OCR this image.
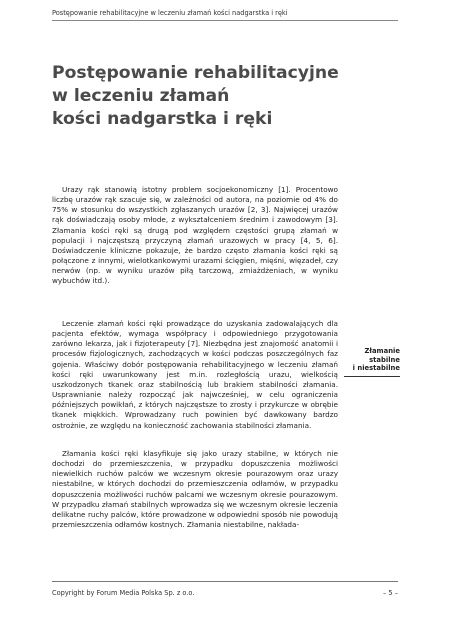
Postępowanie rehabilitacyjne w leczeniu złamań kości nadgarstka i ręki
Postępowanie rehabilitacyjne
w leczeniu złamań
kości nadgarstka i ręki

Urazy rąk stanowią istotny problem socjoekonomiczny [1]. Procentowo liczbę urazów rąk szacuje się, w zależności od autora, na poziomie od 4% do 75% w stosunku do wszystkich zgłaszanych urazów [2, 3]. Najwięcej urazów rąk doświadczają osoby młode, z wykształceniem średnim i zawodowym [3]. Złamania kości ręki są drugą pod względem częstości grupą złamań w populacji i najczęstszą przyczyną złamań urazowych w pracy [4, 5, 6]. Doświadczenie kliniczne pokazuje, że bardzo często złamania kości ręki są połączone z innymi, wielotkankowymi urazami ścięgien, mięśni, więzadeł, czy nerwów (np. w wyniku urazów piłą tarczową, zmiażdżeniach, w wyniku wybuchów itd.).

Leczenie złamań kości ręki prowadzące do uzyskania zadowalających dla pacjenta efektów, wymaga współpracy i odpowiedniego przygotowania zarówno lekarza, jak i fizjoterapeuty [7]. Niezbędna jest znajomość anatomii i procesów fizjologicznych, zachodzących w kości podczas poszczególnych faz gojenia. Właściwy dobór postępowania rehabilitacyjnego w leczeniu złamań kości ręki uwarunkowany jest m.in. rozległością urazu, wielkością uszkodzonych tkanek oraz stabilnością lub brakiem stabilności złamania. Usprawnianie należy rozpocząć jak najwcześniej, w celu ograniczenia późniejszych powikłań, z których najczęstsze to zrosty i przykurcze w obrębie tkanek miękkich. Wprowadzany ruch powinien być dawkowany bardzo ostrożnie, ze względu na konieczność zachowania stabilności złamania.

Złamania kości ręki klasyfikuje się jako urazy stabilne, w których nie dochodzi do przemieszczenia, w przypadku dopuszczenia możliwości niewielkich ruchów palców we wczesnym okresie pourazowym oraz urazy niestabilne, w których dochodzi do przemieszczenia odłamów, w przypadku dopuszczenia możliwości ruchów palcami we wczesnym okresie pourazowym. W przypadku złamań stabilnych wprowadza się we wczesnym okresie leczenia delikatne ruchy palców, które prowadzone w odpowiedni sposób nie powodują przemieszczenia odłamów kostnych. Złamania niestabilne, nakłada-

Złamanie
stabilne
i niestabilne
Copyright by Forum Media Polska Sp. z o.o.	– 5 –
